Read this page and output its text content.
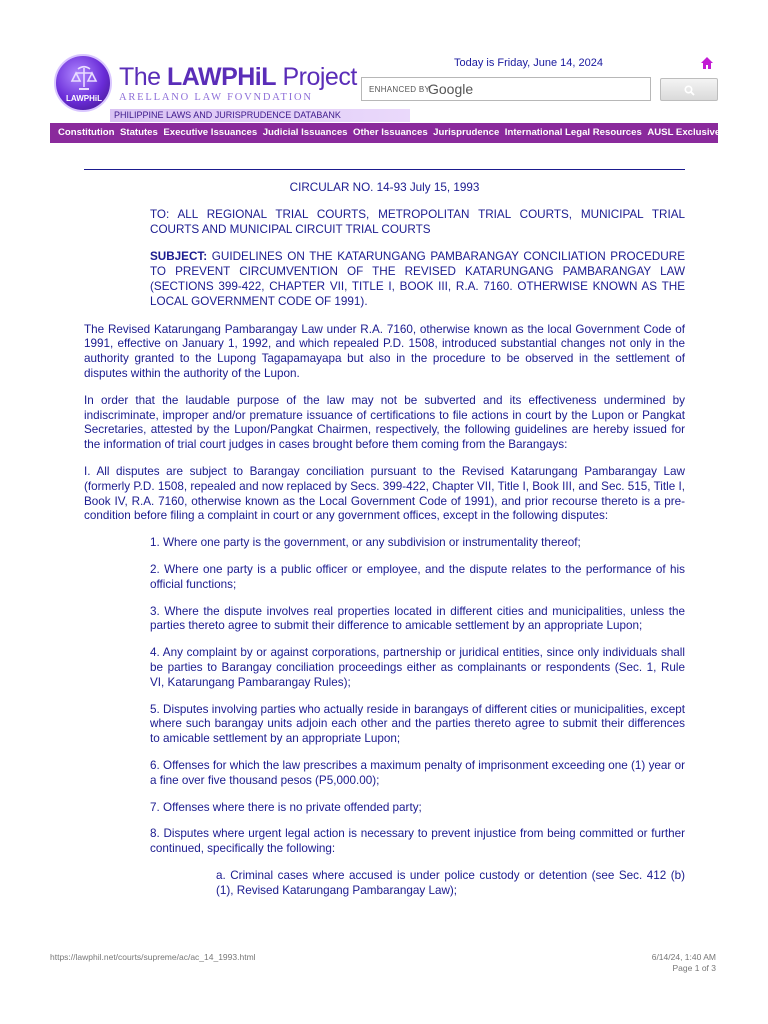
LAWPHiL
The LAWPHiL Project
ARELLANO LAW FOVNDATION
PHILIPPINE LAWS AND JURISPRUDENCE DATABANK
Today is Friday, June 14, 2024
ENHANCED BY
Google
Constitution Statutes Executive Issuances Judicial Issuances Other Issuances Jurisprudence International Legal Resources AUSL Exclusive

CIRCULAR NO. 14-93 July 15, 1993

TO: ALL REGIONAL TRIAL COURTS, METROPOLITAN TRIAL COURTS, MUNICIPAL TRIAL COURTS AND MUNICIPAL CIRCUIT TRIAL COURTS

SUBJECT: GUIDELINES ON THE KATARUNGANG PAMBARANGAY CONCILIATION PROCEDURE TO PREVENT CIRCUMVENTION OF THE REVISED KATARUNGANG PAMBARANGAY LAW (SECTIONS 399-422, CHAPTER VII, TITLE I, BOOK III, R.A. 7160. OTHERWISE KNOWN AS THE LOCAL GOVERNMENT CODE OF 1991).

The Revised Katarungang Pambarangay Law under R.A. 7160, otherwise known as the local Government Code of 1991, effective on January 1, 1992, and which repealed P.D. 1508, introduced substantial changes not only in the authority granted to the Lupong Tagapamayapa but also in the procedure to be observed in the settlement of disputes within the authority of the Lupon.

In order that the laudable purpose of the law may not be subverted and its effectiveness undermined by indiscriminate, improper and/or premature issuance of certifications to file actions in court by the Lupon or Pangkat Secretaries, attested by the Lupon/Pangkat Chairmen, respectively, the following guidelines are hereby issued for the information of trial court judges in cases brought before them coming from the Barangays:

I. All disputes are subject to Barangay conciliation pursuant to the Revised Katarungang Pambarangay Law (formerly P.D. 1508, repealed and now replaced by Secs. 399-422, Chapter VII, Title I, Book III, and Sec. 515, Title I, Book IV, R.A. 7160, otherwise known as the Local Government Code of 1991), and prior recourse thereto is a pre-condition before filing a complaint in court or any government offices, except in the following disputes:

1. Where one party is the government, or any subdivision or instrumentality thereof;

2. Where one party is a public officer or employee, and the dispute relates to the performance of his official functions;

3. Where the dispute involves real properties located in different cities and municipalities, unless the parties thereto agree to submit their difference to amicable settlement by an appropriate Lupon;

4. Any complaint by or against corporations, partnership or juridical entities, since only individuals shall be parties to Barangay conciliation proceedings either as complainants or respondents (Sec. 1, Rule VI, Katarungang Pambarangay Rules);

5. Disputes involving parties who actually reside in barangays of different cities or municipalities, except where such barangay units adjoin each other and the parties thereto agree to submit their differences to amicable settlement by an appropriate Lupon;

6. Offenses for which the law prescribes a maximum penalty of imprisonment exceeding one (1) year or a fine over five thousand pesos (P5,000.00);

7. Offenses where there is no private offended party;

8. Disputes where urgent legal action is necessary to prevent injustice from being committed or further continued, specifically the following:

a. Criminal cases where accused is under police custody or detention (see Sec. 412 (b) (1), Revised Katarungang Pambarangay Law);

https://lawphil.net/courts/supreme/ac/ac_14_1993.html	6/14/24, 1:40 AM
Page 1 of 3
